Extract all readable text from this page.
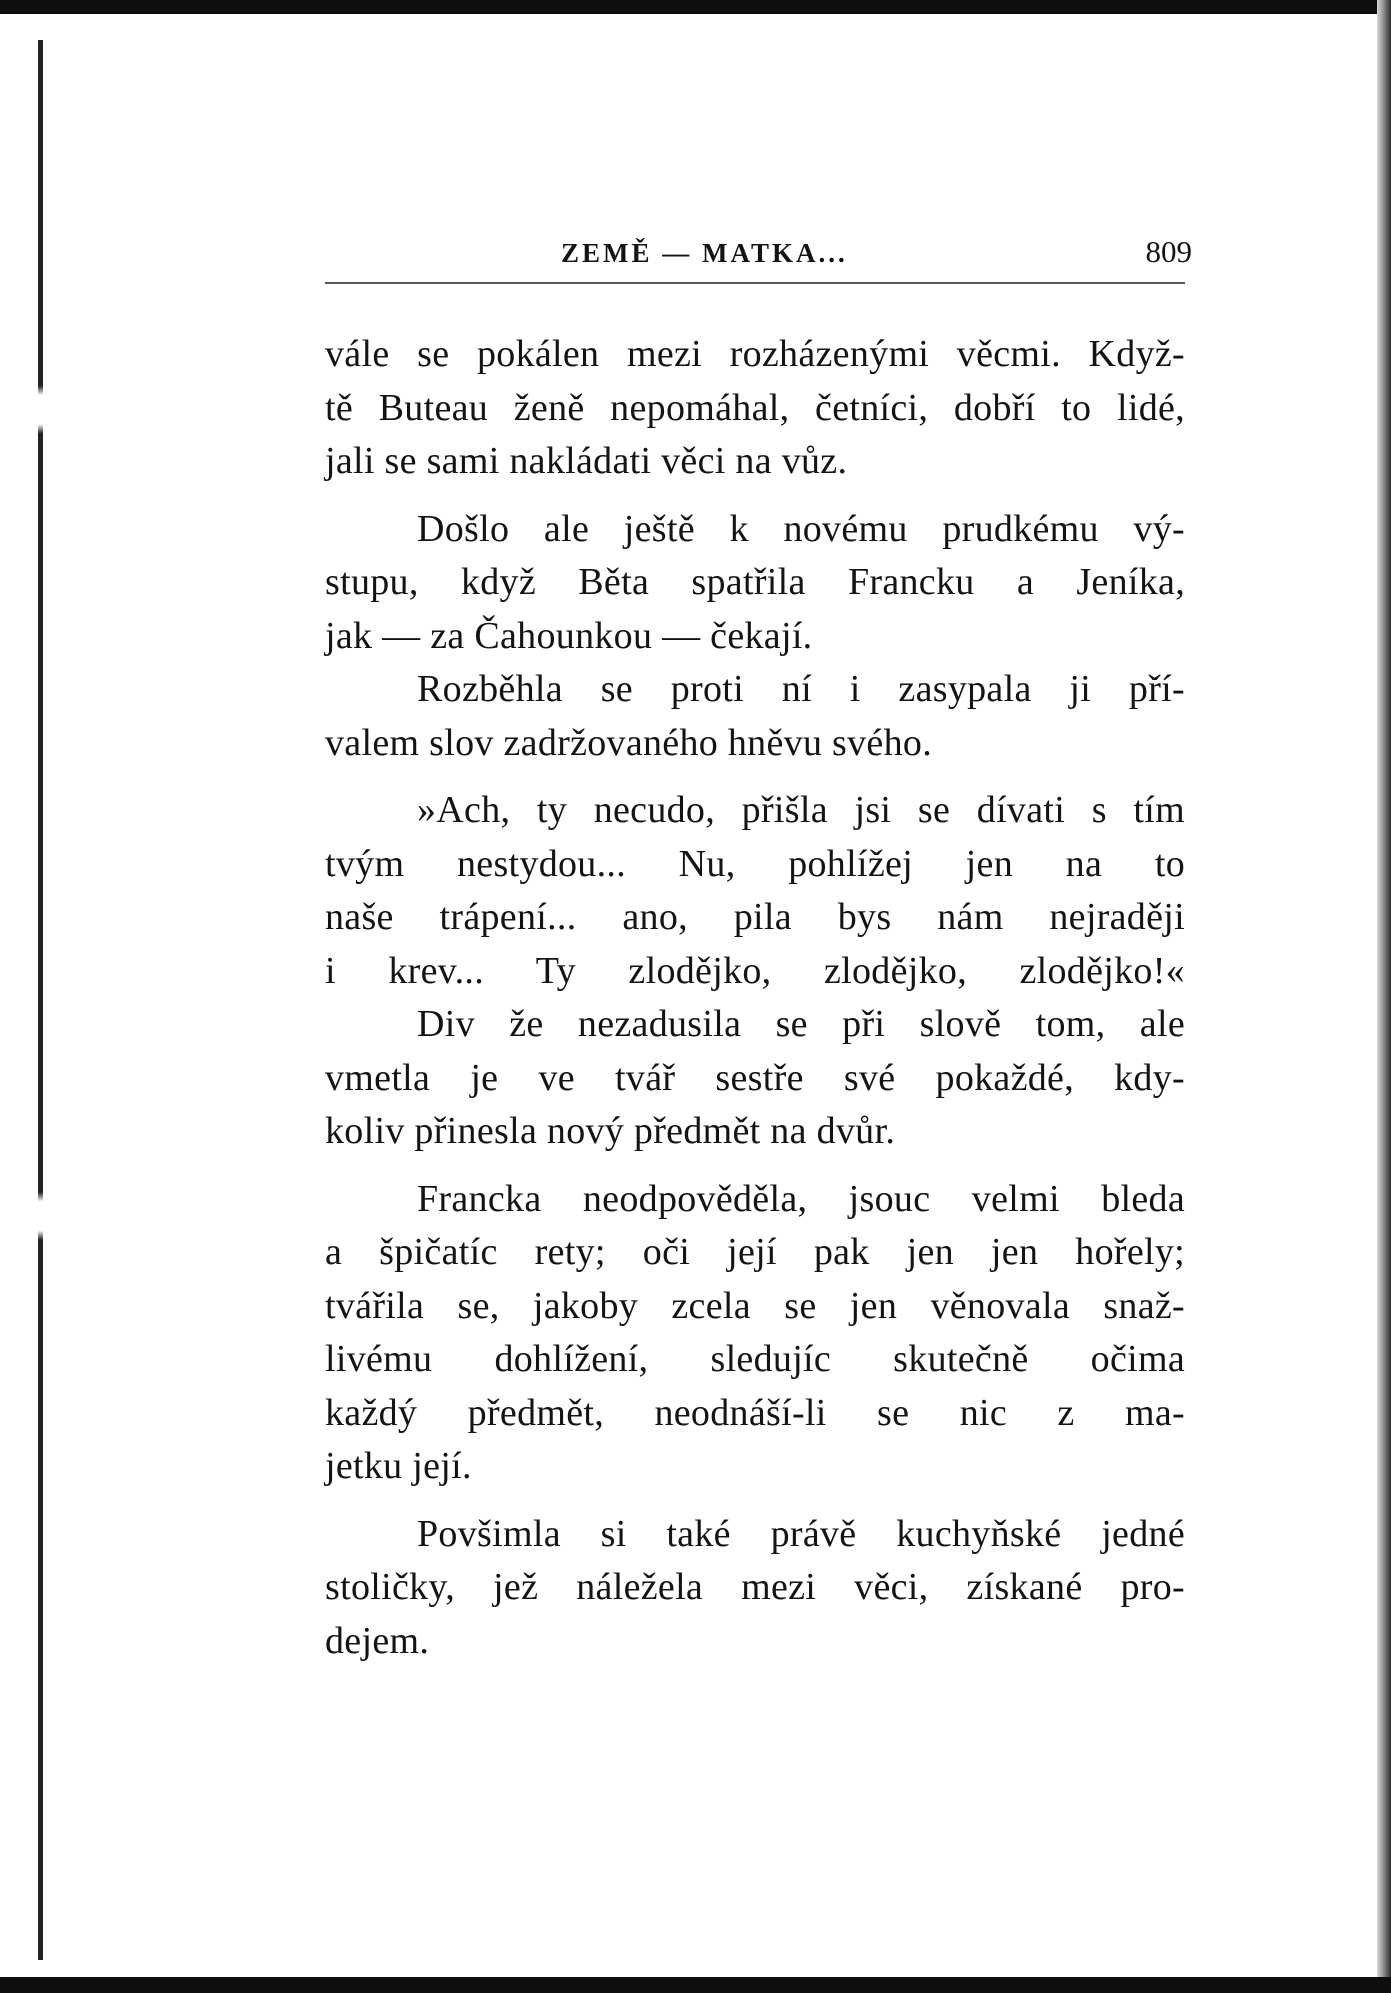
ZEMĚ — MATKA...	809
vále se pokálen mezi rozházenými věcmi. Když-
tě Buteau ženě nepomáhal, četníci, dobří to lidé,
jali se sami nakládati věci na vůz.
Došlo ale ještě k novému prudkému vý-
stupu, když Běta spatřila Francku a Jeníka,
jak — za Čahounkou — čekají.
Rozběhla se proti ní i zasypala ji pří-
valem slov zadržovaného hněvu svého.
»Ach, ty necudo, přišla jsi se dívati s tím
tvým nestydou... Nu, pohlížej jen na to
naše trápení... ano, pila bys nám nejraději
i krev... Ty zlodějko, zlodějko, zlodějko!«
Div že nezadusila se při slově tom, ale
vmetla je ve tvář sestře své pokaždé, kdy-
koliv přinesla nový předmět na dvůr.
Francka neodpověděla, jsouc velmi bleda
a špičatíc rety; oči její pak jen jen hořely;
tvářila se, jakoby zcela se jen věnovala snaž-
livému dohlížení, sledujíc skutečně očima
každý předmět, neodnáší-li se nic z ma-
jetku její.
Povšimla si také právě kuchyňské jedné
stoličky, jež náležela mezi věci, získané pro-
dejem.
